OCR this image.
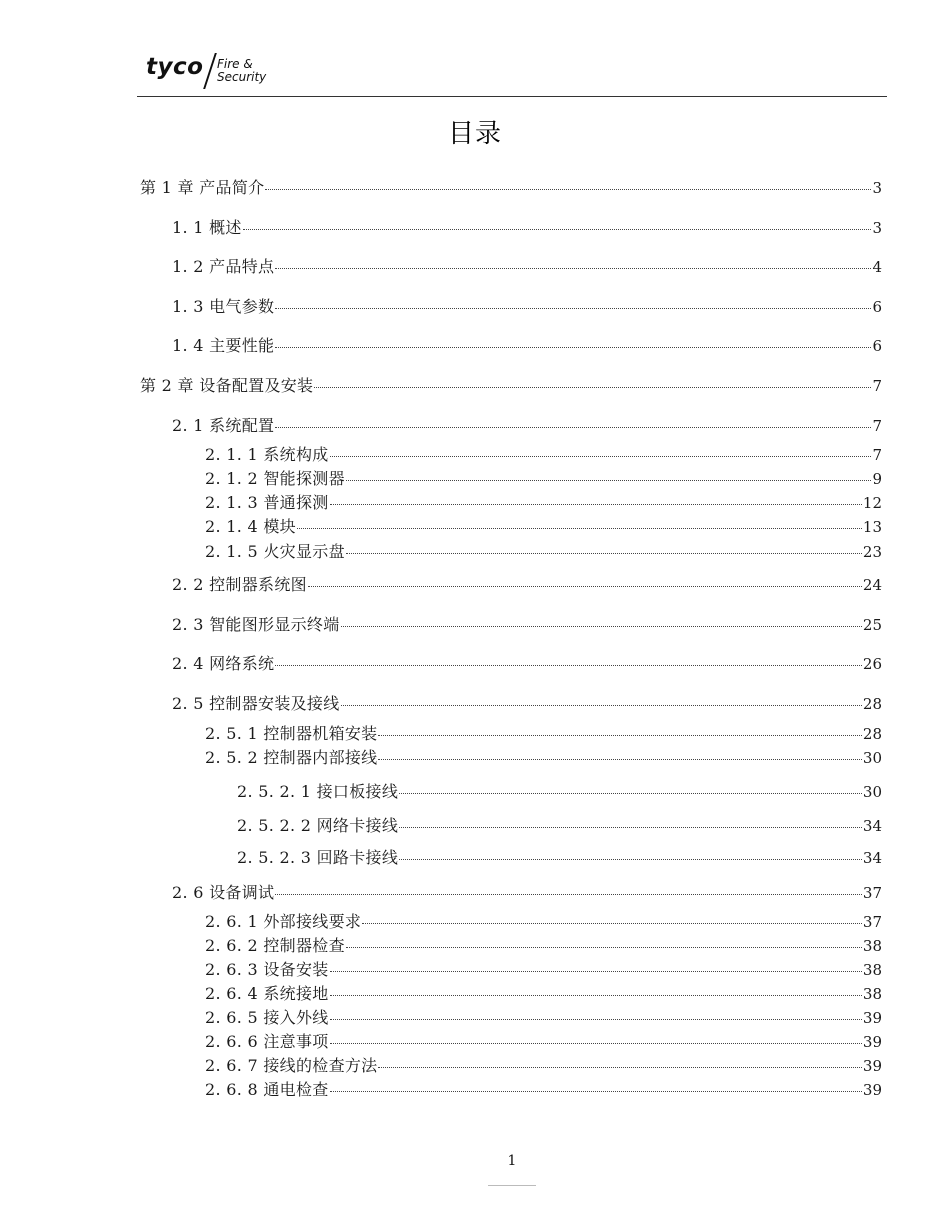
tyco Fire &
Security
目录
第 1 章 产品简介	3
1. 1 概述	3
1. 2 产品特点	4
1. 3 电气参数	6
1. 4 主要性能	6
第 2 章 设备配置及安装	7
2. 1 系统配置	7
2. 1. 1 系统构成	7
2. 1. 2 智能探测器	9
2. 1. 3 普通探测	12
2. 1. 4 模块	13
2. 1. 5 火灾显示盘	23
2. 2 控制器系统图	24
2. 3 智能图形显示终端	25
2. 4 网络系统	26
2. 5 控制器安装及接线	28
2. 5. 1 控制器机箱安装	28
2. 5. 2 控制器内部接线	30
2. 5. 2. 1 接口板接线	30
2. 5. 2. 2 网络卡接线	34
2. 5. 2. 3 回路卡接线	34
2. 6 设备调试	37
2. 6. 1 外部接线要求	37
2. 6. 2 控制器检查	38
2. 6. 3 设备安装	38
2. 6. 4 系统接地	38
2. 6. 5 接入外线	39
2. 6. 6 注意事项	39
2. 6. 7 接线的检查方法	39
2. 6. 8 通电检查	39
1
